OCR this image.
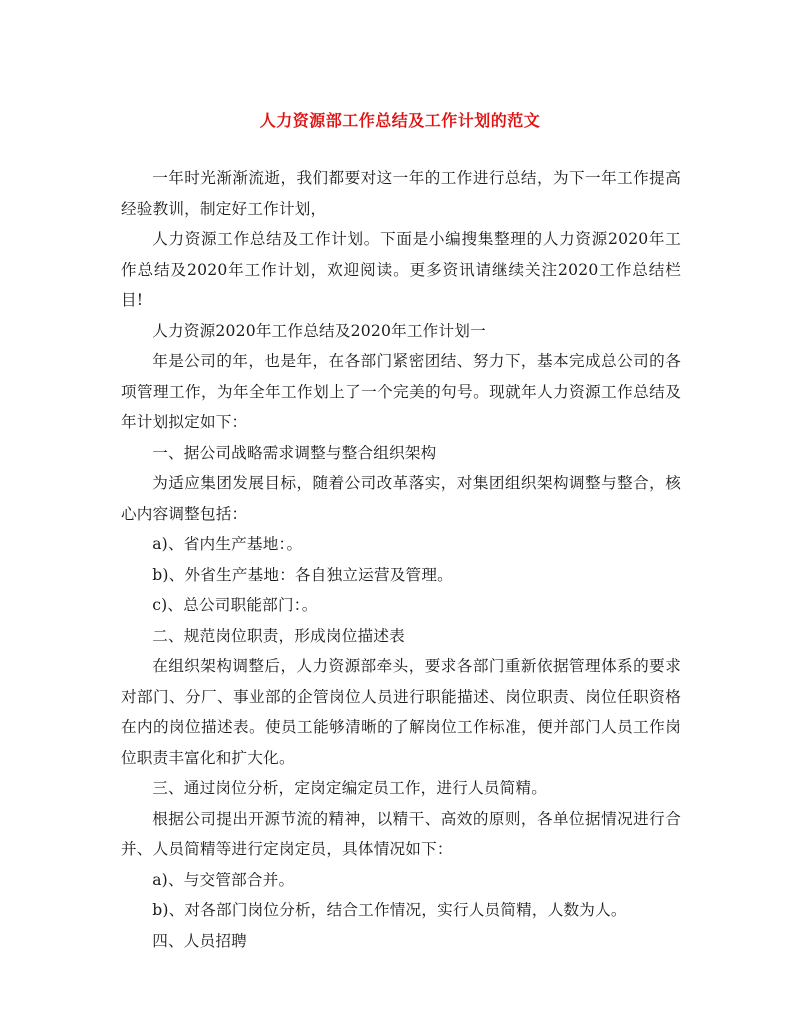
人力资源部工作总结及工作计划的范文

一年时光渐渐流逝，我们都要对这一年的工作进行总结，为下一年工作提高经验教训，制定好工作计划，

人力资源工作总结及工作计划。下面是小编搜集整理的人力资源2020年工作总结及2020年工作计划，欢迎阅读。更多资讯请继续关注2020工作总结栏目!

人力资源2020年工作总结及2020年工作计划一

年是公司的年，也是年，在各部门紧密团结、努力下，基本完成总公司的各项管理工作，为年全年工作划上了一个完美的句号。现就年人力资源工作总结及年计划拟定如下：

一、据公司战略需求调整与整合组织架构

为适应集团发展目标，随着公司改革落实，对集团组织架构调整与整合，核心内容调整包括：

a)、省内生产基地：。

b)、外省生产基地：各自独立运营及管理。

c)、总公司职能部门：。

二、规范岗位职责，形成岗位描述表

在组织架构调整后，人力资源部牵头，要求各部门重新依据管理体系的要求对部门、分厂、事业部的企管岗位人员进行职能描述、岗位职责、岗位任职资格在内的岗位描述表。使员工能够清晰的了解岗位工作标准，便并部门人员工作岗位职责丰富化和扩大化。

三、通过岗位分析，定岗定编定员工作，进行人员简精。

根据公司提出开源节流的精神，以精干、高效的原则，各单位据情况进行合并、人员简精等进行定岗定员，具体情况如下：

a)、与交管部合并。

b)、对各部门岗位分析，结合工作情况，实行人员简精，人数为人。

四、人员招聘
